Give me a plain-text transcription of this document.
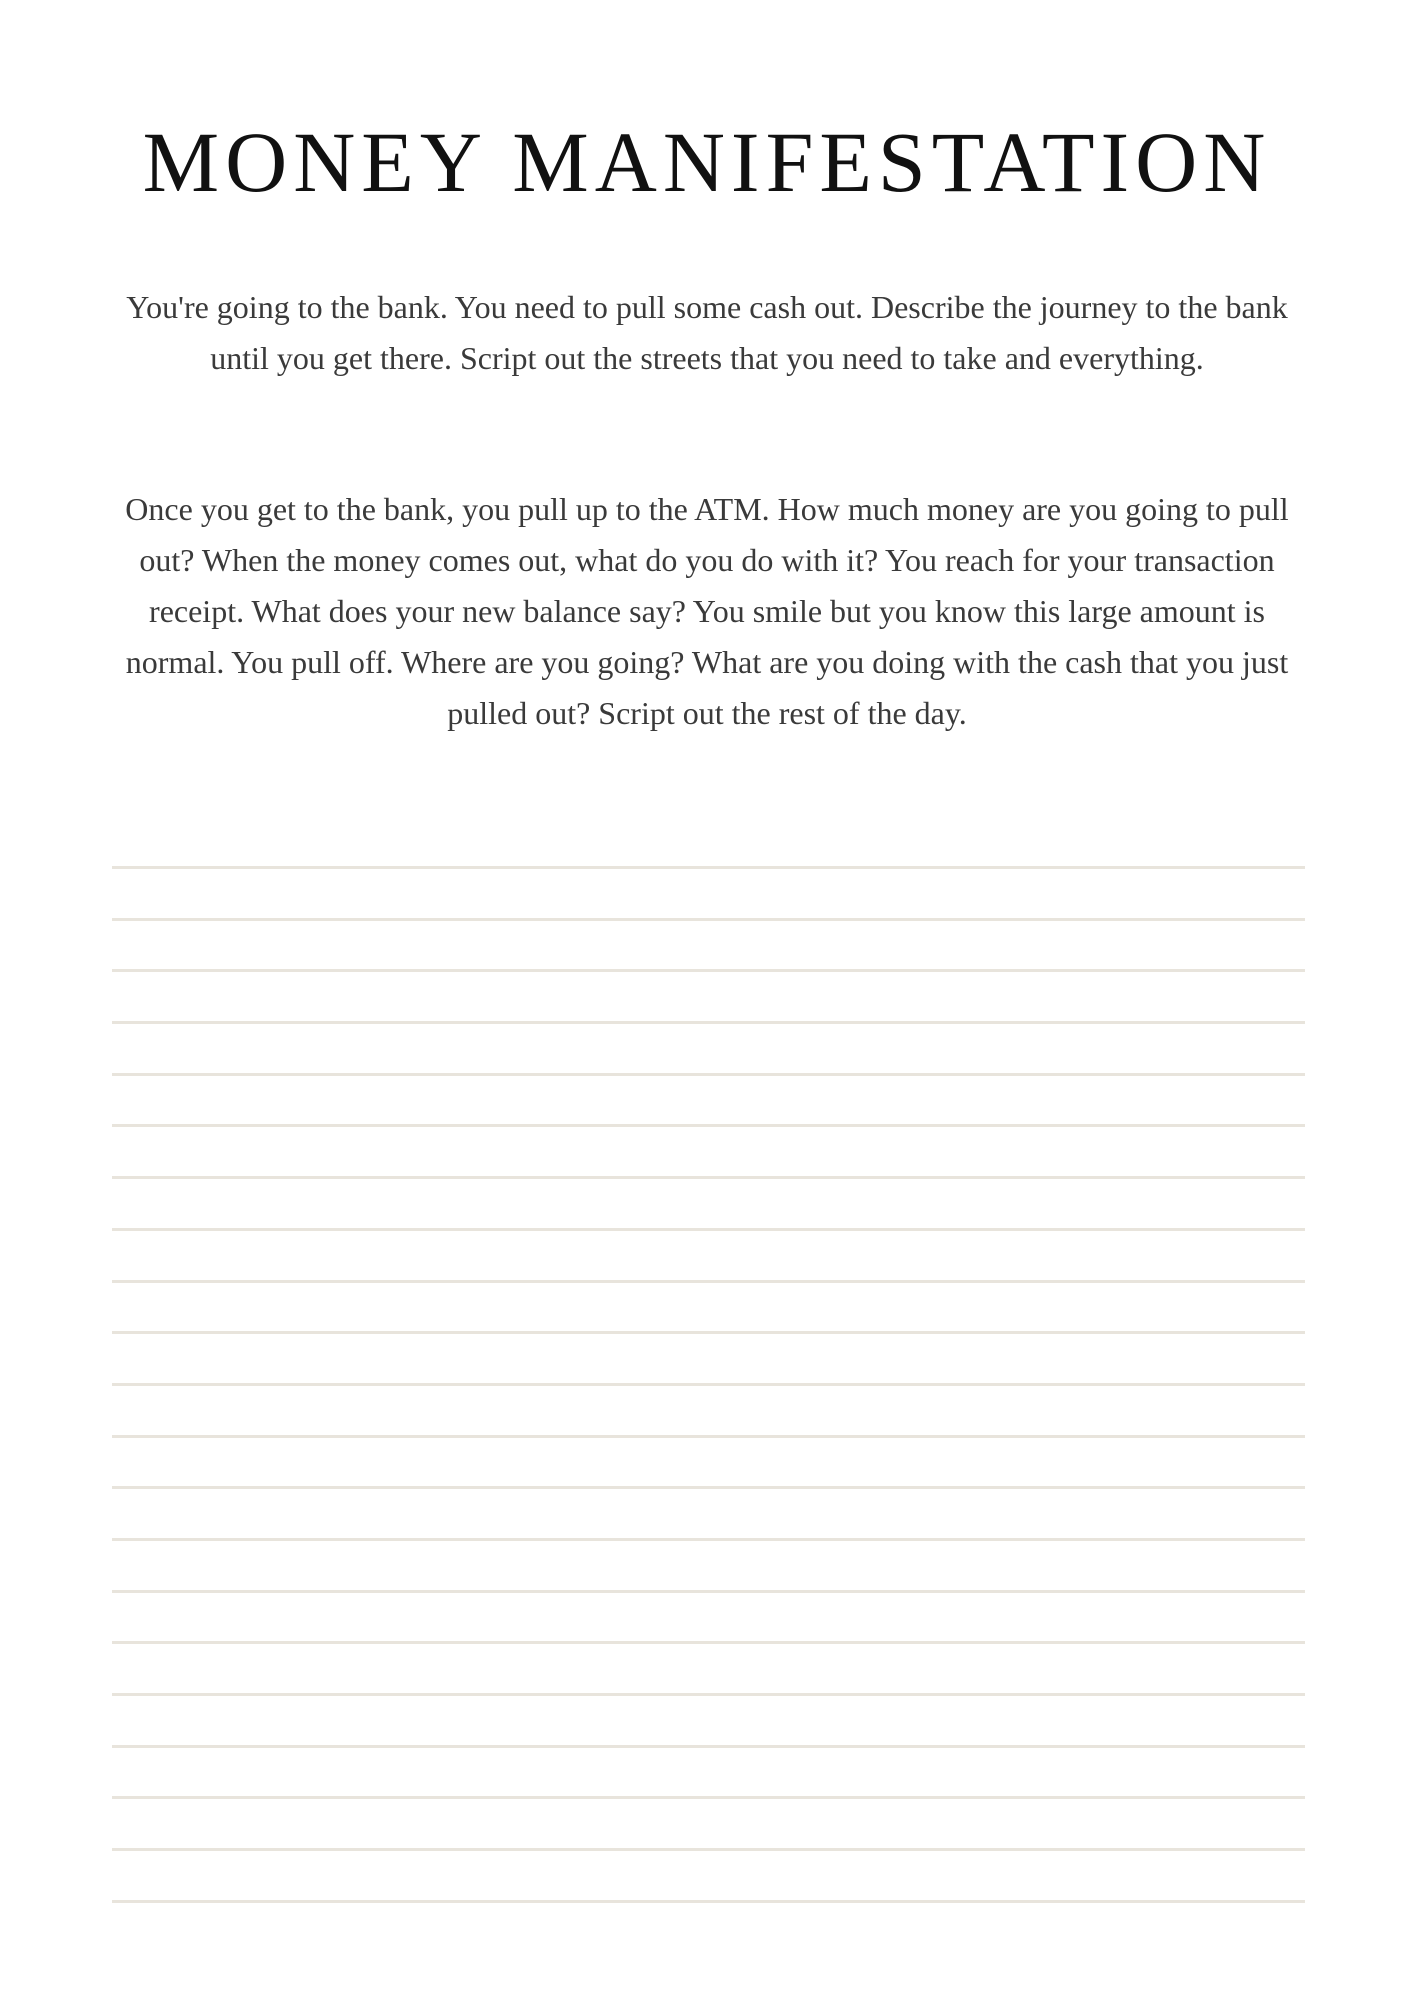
MONEY MANIFESTATION

You're going to the bank. You need to pull some cash out. Describe the journey to the bank until you get there. Script out the streets that you need to take and everything.

Once you get to the bank, you pull up to the ATM. How much money are you going to pull out? When the money comes out, what do you do with it? You reach for your transaction receipt. What does your new balance say? You smile but you know this large amount is normal. You pull off. Where are you going? What are you doing with the cash that you just pulled out? Script out the rest of the day.
